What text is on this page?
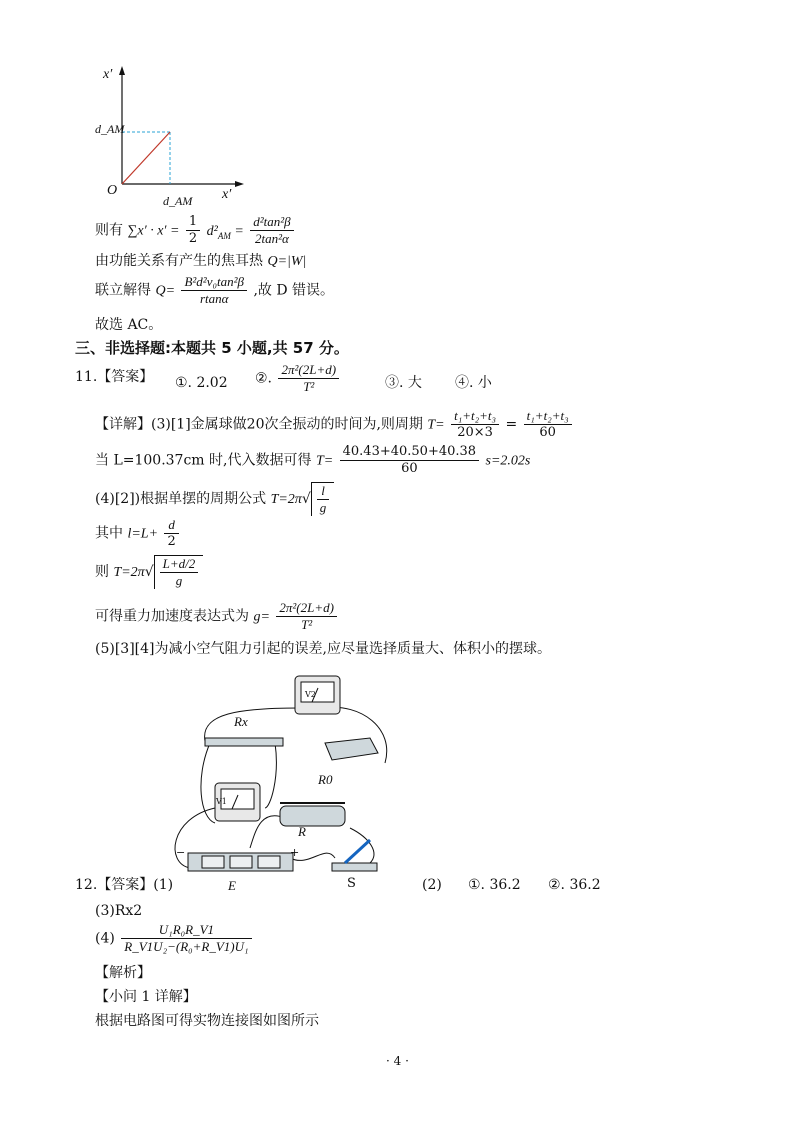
x′
d_AM
O
d_AM x′
则有 $\sum x' \cdot x' = \frac{1}{2} d^2_{AM} = \frac{\text{d²tan²β}}{\text{2tan²α}}$
由功能关系有产生的焦耳热 Q=|W|
联立解得 $Q= \frac{\text{B²d²v₀tan²β}}{rtan\alpha}$ ,故 D 错误。
故选 AC。
三、非选择题:本题共 5 小题,共 57 分。
11.【答案】 ①. 2.02 ②. $\frac{\text{2π²(2L+d)}}{\text{T²}}$	③. 大 ④. 小
【详解】(3)[1]金属球做20次全振动的时间为,则周期 $T= \frac{\text{t₁+t₂+t₃}}{20\times 3} = \frac{\text{t₁+t₂+t₃}}{60}$
当 L=100.37cm 时,代入数据可得 $T= \frac{40.43+40.50+40.38}{60} s=2.02s$
(4)[2])根据单摆的周期公式 $T=2\pi√ \frac{l}{g}$
其中 $l=L+ \frac{d}{2}$
则 $T=2\pi√ \frac{L+d/2}{g}$
可得重力加速度表达式为 $g= \frac{\text{2π²(2L+d)}}{\text{T²}}$
(5)[3][4]为减小空气阻力引起的误差,应尽量选择质量大、体积小的摆球。
Rx
R0
R
E	S
V1
V2
−	+
12.【答案】(1)	(2) ①. 36.2 ②. 36.2
(3)Rx2
$(4) \frac{\text{U₁R₀R\_V1}}{\text{R\_V1U₂−(R₀+R\_V1)U₁}}$
【解析】
【小问 1 详解】
根据电路图可得实物连接图如图所示
· 4 ·
